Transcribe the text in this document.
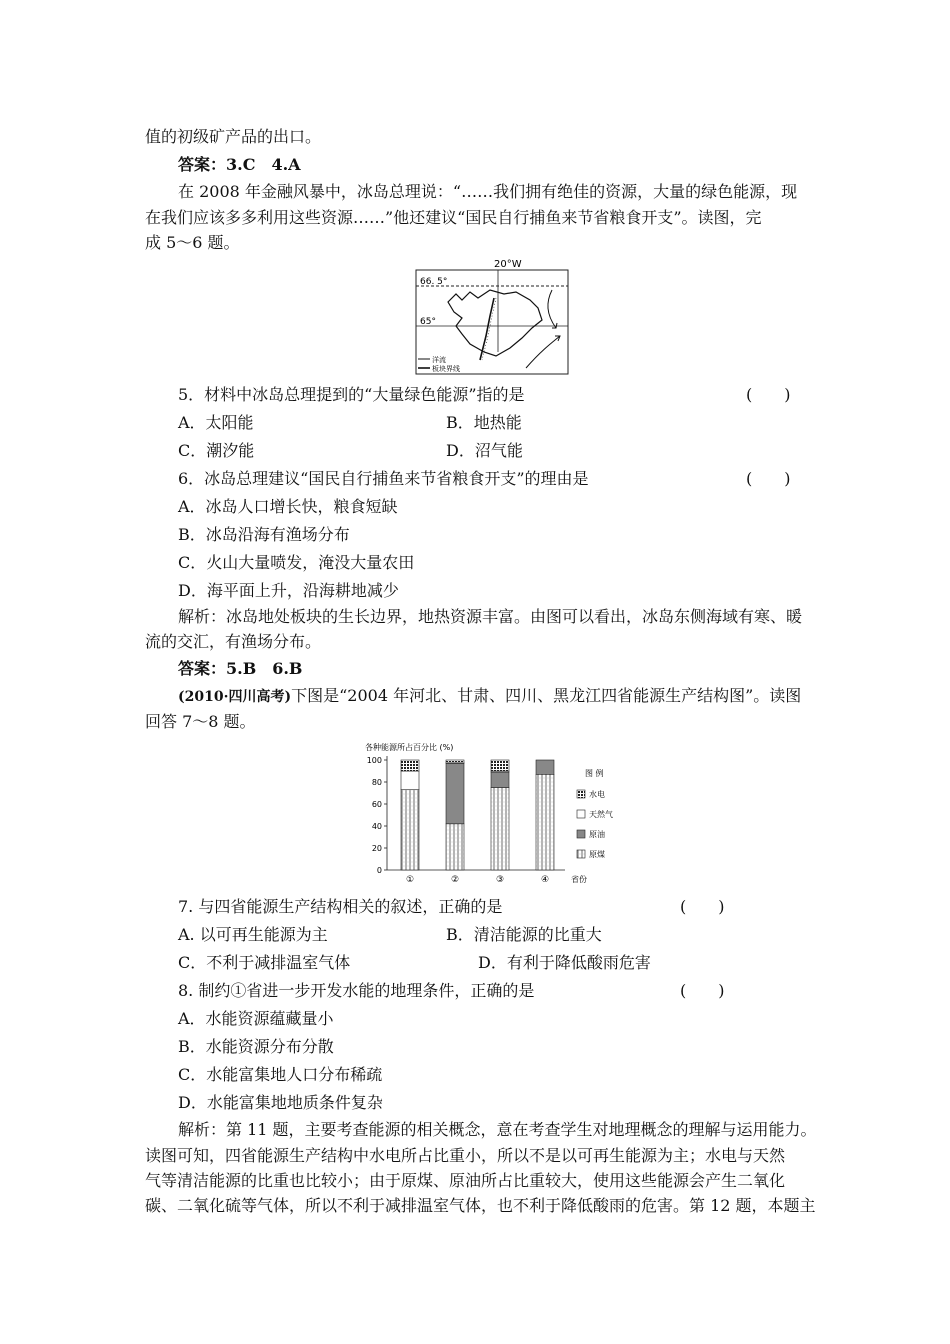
值的初级矿产品的出口。
答案：3.C　4.A
在 2008 年金融风暴中，冰岛总理说：“……我们拥有绝佳的资源，大量的绿色能源，现
在我们应该多多利用这些资源……”他还建议“国民自行捕鱼来节省粮食开支”。读图，完
成 5～6 题。
20°W
66. 5°
65°
洋流
板块界线
5．材料中冰岛总理提到的“大量绿色能源”指的是	(　　)
A．太阳能	B．地热能
C．潮汐能	D．沼气能
6．冰岛总理建议“国民自行捕鱼来节省粮食开支”的理由是	(　　)
A．冰岛人口增长快，粮食短缺
B．冰岛沿海有渔场分布
C．火山大量喷发，淹没大量农田
D．海平面上升，沿海耕地减少
解析：冰岛地处板块的生长边界，地热资源丰富。由图可以看出，冰岛东侧海域有寒、暖
流的交汇，有渔场分布。
答案：5.B　6.B
(2010·四川高考)下图是“2004 年河北、甘肃、四川、黑龙江四省能源生产结构图”。读图
回答 7～8 题。
各种能源所占百分比 (%)
0
20
40
60
80
100
省份
①	②	③	④
图 例
水电
天然气
原油
原煤
7. 与四省能源生产结构相关的叙述，正确的是	(　　)
A. 以可再生能源为主	B．清洁能源的比重大
C．不利于减排温室气体	D．有利于降低酸雨危害
8. 制约①省进一步开发水能的地理条件，正确的是	(　　)
A．水能资源蕴藏量小
B．水能资源分布分散
C．水能富集地人口分布稀疏
D．水能富集地地质条件复杂
解析：第 11 题，主要考查能源的相关概念，意在考查学生对地理概念的理解与运用能力。
读图可知，四省能源生产结构中水电所占比重小，所以不是以可再生能源为主；水电与天然
气等清洁能源的比重也比较小；由于原煤、原油所占比重较大，使用这些能源会产生二氧化
碳、二氧化硫等气体，所以不利于减排温室气体，也不利于降低酸雨的危害。第 12 题，本题主
